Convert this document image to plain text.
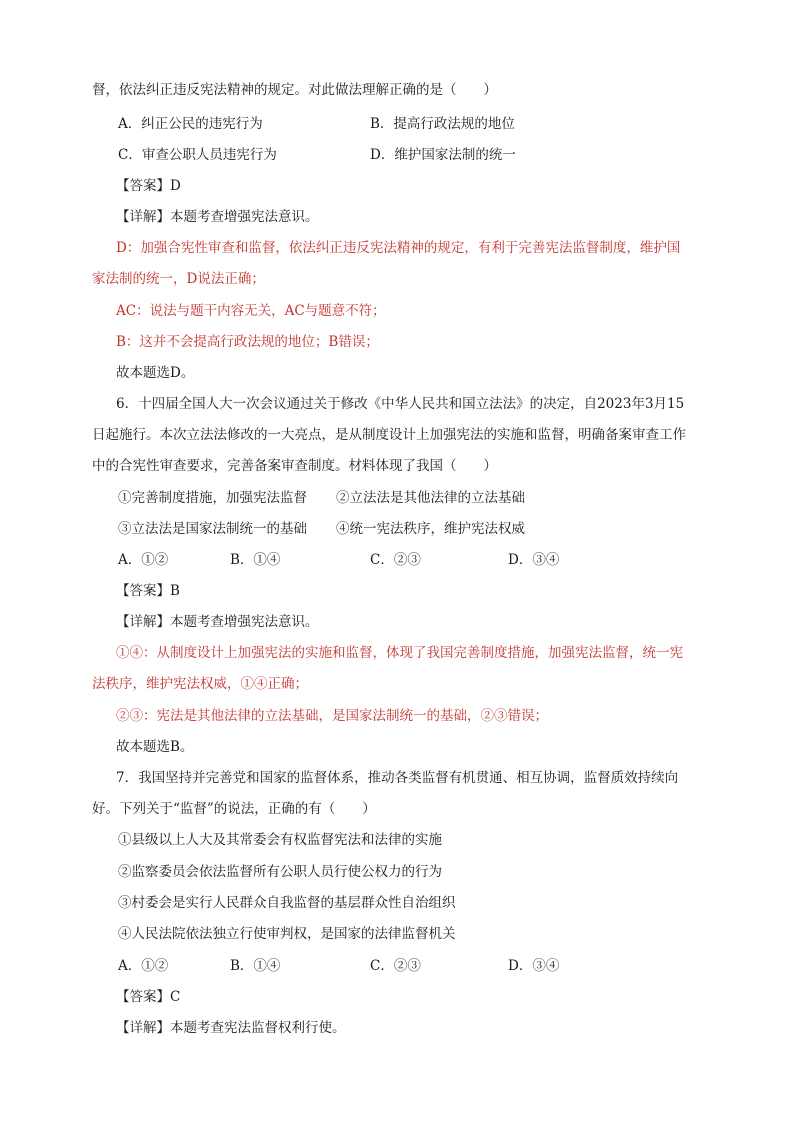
督，依法纠正违反宪法精神的规定。对此做法理解正确的是（　　）
A．纠正公民的违宪行为	B．提高行政法规的地位
C．审查公职人员违宪行为	D．维护国家法制的统一
【答案】D
【详解】本题考查增强宪法意识。
D：加强合宪性审查和监督，依法纠正违反宪法精神的规定，有利于完善宪法监督制度，维护国
家法制的统一，D说法正确；
AC：说法与题干内容无关，AC与题意不符；
B：这并不会提高行政法规的地位；B错误；
故本题选D。
6．十四届全国人大一次会议通过关于修改《中华人民共和国立法法》的决定，自2023年3月15
日起施行。本次立法法修改的一大亮点，是从制度设计上加强宪法的实施和监督，明确备案审查工作
中的合宪性审查要求，完善备案审查制度。材料体现了我国（　　）
①完善制度措施，加强宪法监督 ②立法法是其他法律的立法基础
③立法法是国家法制统一的基础 ④统一宪法秩序，维护宪法权威
A．①②	B．①④	C．②③	D．③④
【答案】B
【详解】本题考查增强宪法意识。
①④：从制度设计上加强宪法的实施和监督，体现了我国完善制度措施，加强宪法监督，统一宪
法秩序，维护宪法权威，①④正确；
②③：宪法是其他法律的立法基础，是国家法制统一的基础，②③错误；
故本题选B。
7．我国坚持并完善党和国家的监督体系，推动各类监督有机贯通、相互协调，监督质效持续向
好。下列关于“监督”的说法，正确的有（　　）
①县级以上人大及其常委会有权监督宪法和法律的实施
②监察委员会依法监督所有公职人员行使公权力的行为
③村委会是实行人民群众自我监督的基层群众性自治组织
④人民法院依法独立行使审判权，是国家的法律监督机关
A．①②	B．①④	C．②③	D．③④
【答案】C
【详解】本题考查宪法监督权利行使。
